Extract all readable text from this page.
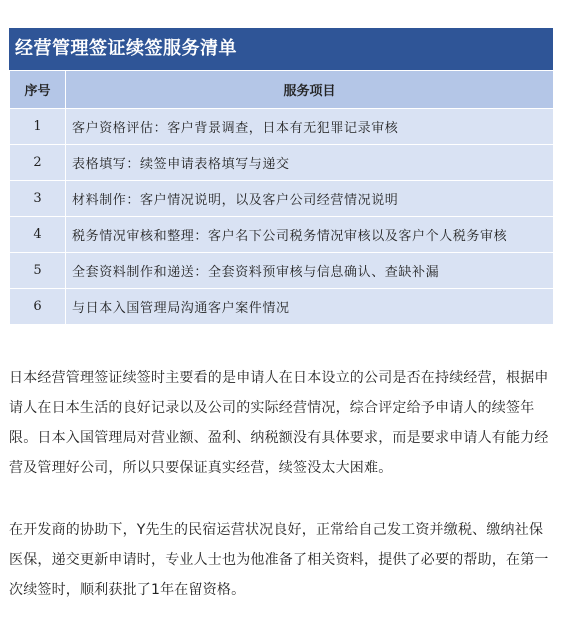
经营管理签证续签服务清单
序号	服务项目
1	客户资格评估：客户背景调查，日本有无犯罪记录审核
2	表格填写：续签申请表格填写与递交
3	材料制作：客户情况说明，以及客户公司经营情况说明
4	税务情况审核和整理：客户名下公司税务情况审核以及客户个人税务审核
5	全套资料制作和递送：全套资料预审核与信息确认、查缺补漏
6	与日本入国管理局沟通客户案件情况

日本经营管理签证续签时主要看的是申请人在日本设立的公司是否在持续经营，根据申请人在日本生活的良好记录以及公司的实际经营情况，综合评定给予申请人的续签年限。日本入国管理局对营业额、盈利、纳税额没有具体要求，而是要求申请人有能力经营及管理好公司，所以只要保证真实经营，续签没太大困难。

在开发商的协助下，Y先生的民宿运营状况良好，正常给自己发工资并缴税、缴纳社保医保，递交更新申请时，专业人士也为他准备了相关资料，提供了必要的帮助，在第一次续签时，顺利获批了1年在留资格。
